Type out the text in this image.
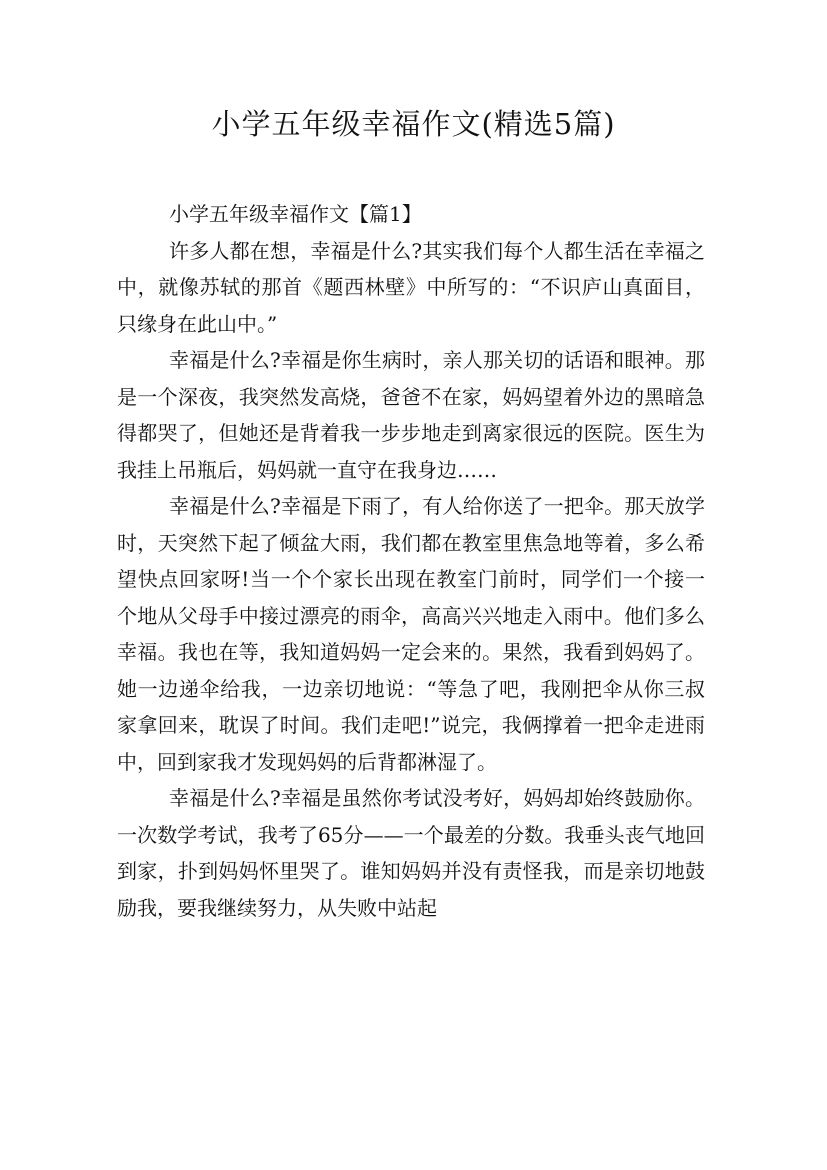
小学五年级幸福作文(精选5篇)

小学五年级幸福作文【篇1】

许多人都在想，幸福是什么?其实我们每个人都生活在幸福之中，就像苏轼的那首《题西林壁》中所写的：“不识庐山真面目，只缘身在此山中。”

幸福是什么?幸福是你生病时，亲人那关切的话语和眼神。那是一个深夜，我突然发高烧，爸爸不在家，妈妈望着外边的黑暗急得都哭了，但她还是背着我一步步地走到离家很远的医院。医生为我挂上吊瓶后，妈妈就一直守在我身边……

幸福是什么?幸福是下雨了，有人给你送了一把伞。那天放学时，天突然下起了倾盆大雨，我们都在教室里焦急地等着，多么希望快点回家呀!当一个个家长出现在教室门前时，同学们一个接一个地从父母手中接过漂亮的雨伞，高高兴兴地走入雨中。他们多么幸福。我也在等，我知道妈妈一定会来的。果然，我看到妈妈了。她一边递伞给我，一边亲切地说：“等急了吧，我刚把伞从你三叔家拿回来，耽误了时间。我们走吧!”说完，我俩撑着一把伞走进雨中，回到家我才发现妈妈的后背都淋湿了。

幸福是什么?幸福是虽然你考试没考好，妈妈却始终鼓励你。一次数学考试，我考了65分——一个最差的分数。我垂头丧气地回到家，扑到妈妈怀里哭了。谁知妈妈并没有责怪我，而是亲切地鼓励我，要我继续努力，从失败中站起
